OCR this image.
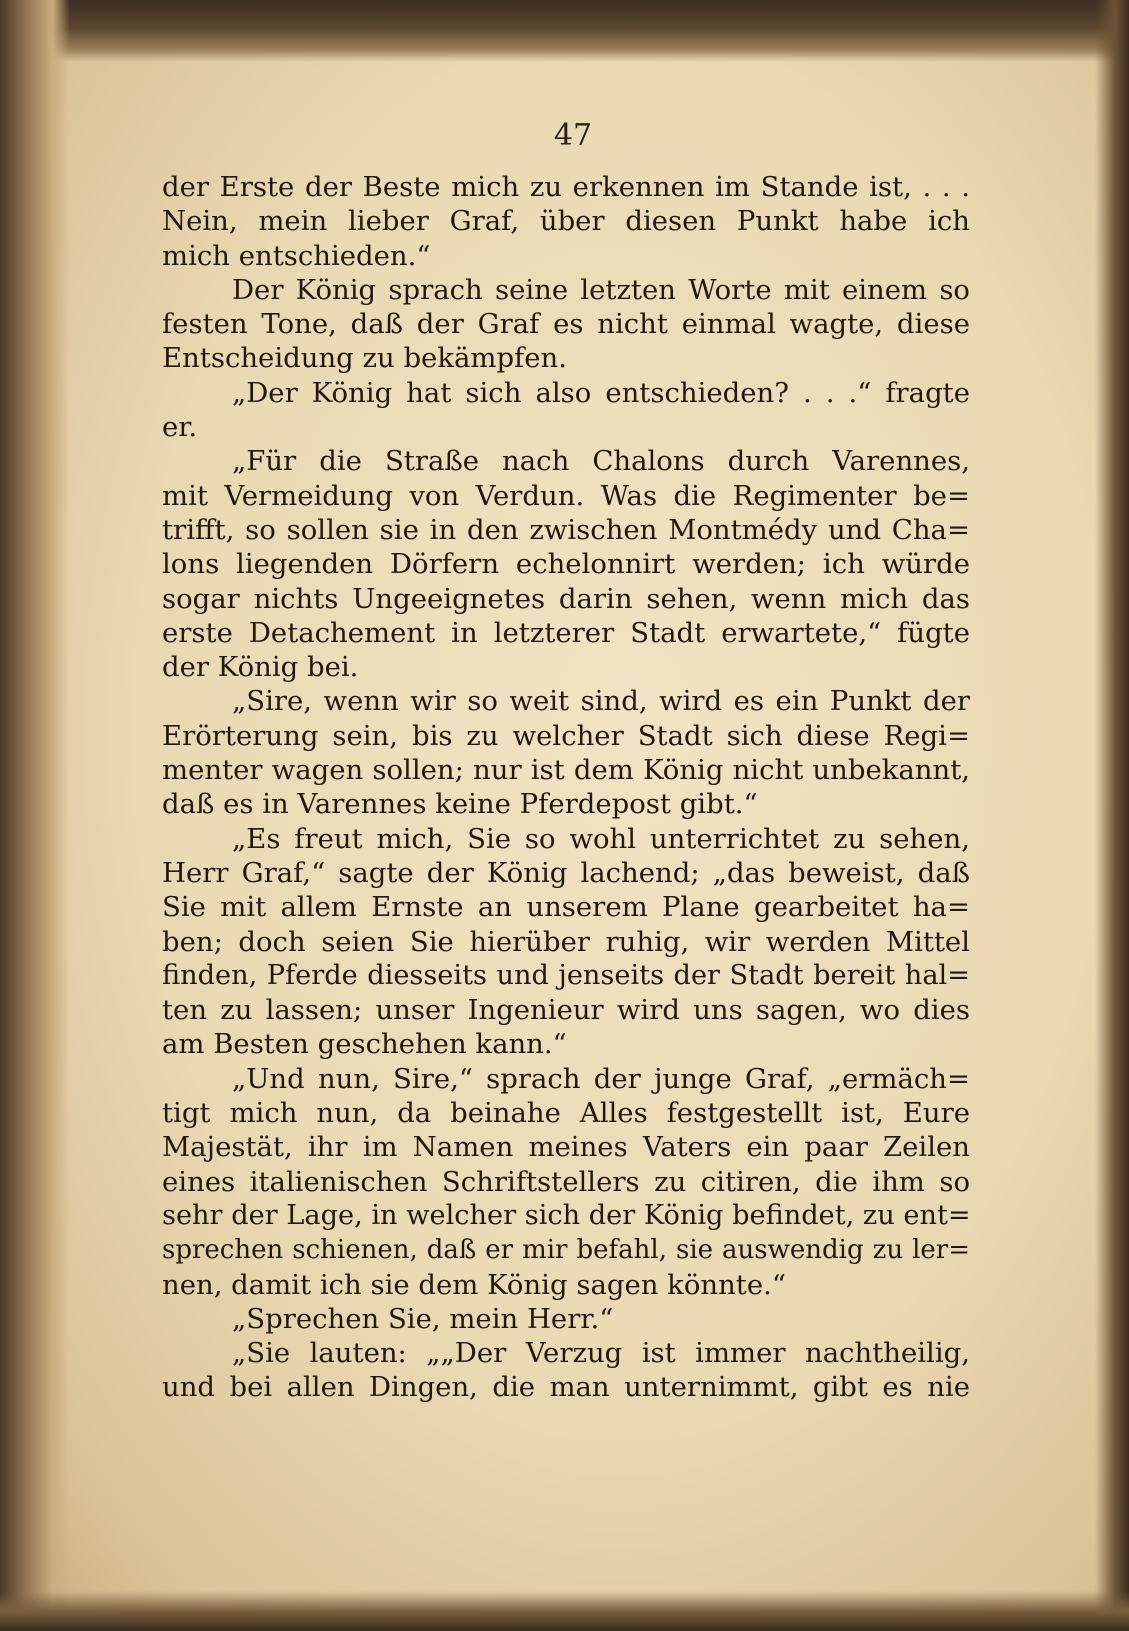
47
der Erste der Beste mich zu erkennen im Stande ist, . . .
Nein, mein lieber Graf, über diesen Punkt habe ich
mich entschieden.“
Der König sprach seine letzten Worte mit einem so
festen Tone, daß der Graf es nicht einmal wagte, diese
Entscheidung zu bekämpfen.
„Der König hat sich also entschieden? . . .“ fragte
er.
„Für die Straße nach Chalons durch Varennes,
mit Vermeidung von Verdun. Was die Regimenter be=
trifft, so sollen sie in den zwischen Montmédy und Cha=
lons liegenden Dörfern echelonnirt werden; ich würde
sogar nichts Ungeeignetes darin sehen, wenn mich das
erste Detachement in letzterer Stadt erwartete,“ fügte
der König bei.
„Sire, wenn wir so weit sind, wird es ein Punkt der
Erörterung sein, bis zu welcher Stadt sich diese Regi=
menter wagen sollen; nur ist dem König nicht unbekannt,
daß es in Varennes keine Pferdepost gibt.“
„Es freut mich, Sie so wohl unterrichtet zu sehen,
Herr Graf,“ sagte der König lachend; „das beweist, daß
Sie mit allem Ernste an unserem Plane gearbeitet ha=
ben; doch seien Sie hierüber ruhig, wir werden Mittel
finden, Pferde diesseits und jenseits der Stadt bereit hal=
ten zu lassen; unser Ingenieur wird uns sagen, wo dies
am Besten geschehen kann.“
„Und nun, Sire,“ sprach der junge Graf, „ermäch=
tigt mich nun, da beinahe Alles festgestellt ist, Eure
Majestät, ihr im Namen meines Vaters ein paar Zeilen
eines italienischen Schriftstellers zu citiren, die ihm so
sehr der Lage, in welcher sich der König befindet, zu ent=
sprechen schienen, daß er mir befahl, sie auswendig zu ler=
nen, damit ich sie dem König sagen könnte.“
„Sprechen Sie, mein Herr.“
„Sie lauten: „„Der Verzug ist immer nachtheilig,
und bei allen Dingen, die man unternimmt, gibt es nie
